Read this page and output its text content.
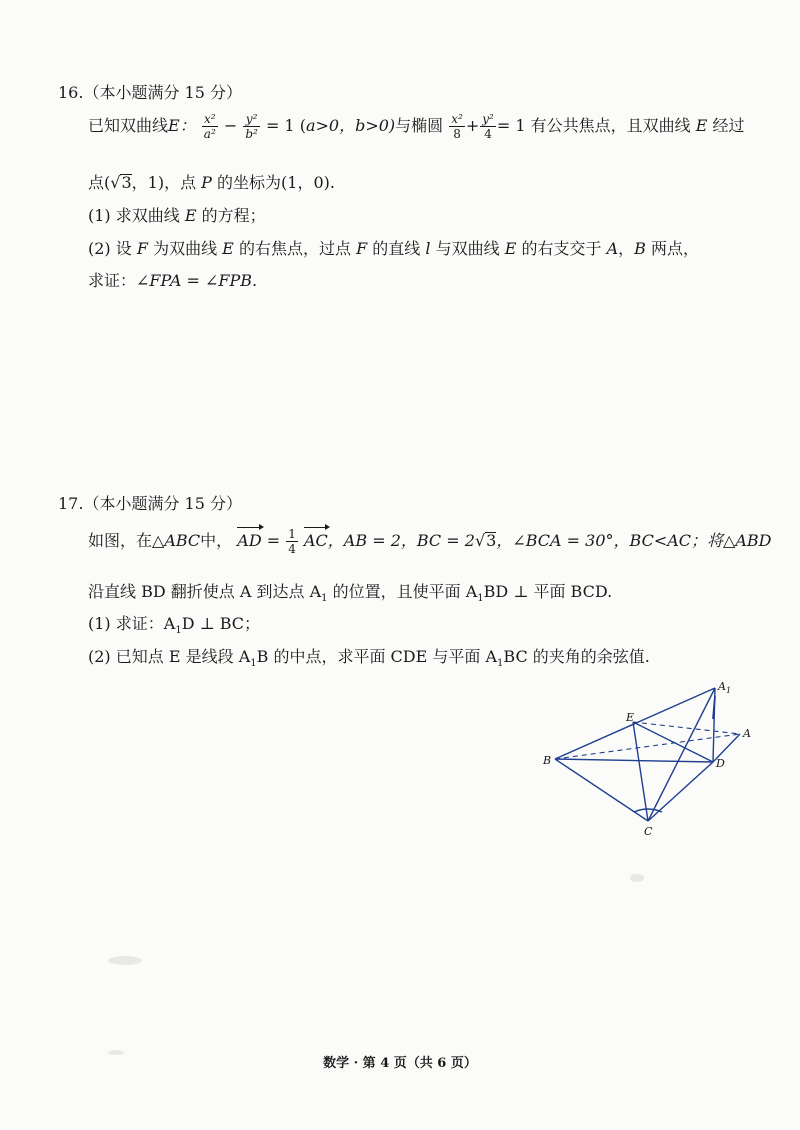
16.（本小题满分 15 分）
已知双曲线E： $\frac{\text{x²}}{\text{a²}} - \frac{\text{y²}}{\text{b²}} = 1$ (a>0，b>0)与椭圆 $\frac{\text{x²}}{8} + \frac{\text{y²}}{4} = 1$ 有公共焦点，且双曲线 E 经过
点(√3，1)，点 P 的坐标为(1，0).
(1) 求双曲线 E 的方程；
(2) 设 F 为双曲线 E 的右焦点，过点 F 的直线 l 与双曲线 E 的右支交于 A，B 两点，
求证：∠FPA = ∠FPB.
17.（本小题满分 15 分）
如图，在△ABC中， AD = $\frac{1}{4}$ AC，AB = 2，BC = 2√3，∠BCA = 30°，BC<AC；将△ABD
沿直线 BD 翻折使点 A 到达点 $A_1$ 的位置，且使平面 $A_1BD$ ⊥ 平面 BCD.
(1) 求证：$A_1D$ ⊥ BC；
(2) 已知点 E 是线段 $A_1B$ 的中点，求平面 CDE 与平面 $A_1BC$ 的夹角的余弦值.
$A_1$
A
B
C
D
E
数学 · 第 4 页（共 6 页）
